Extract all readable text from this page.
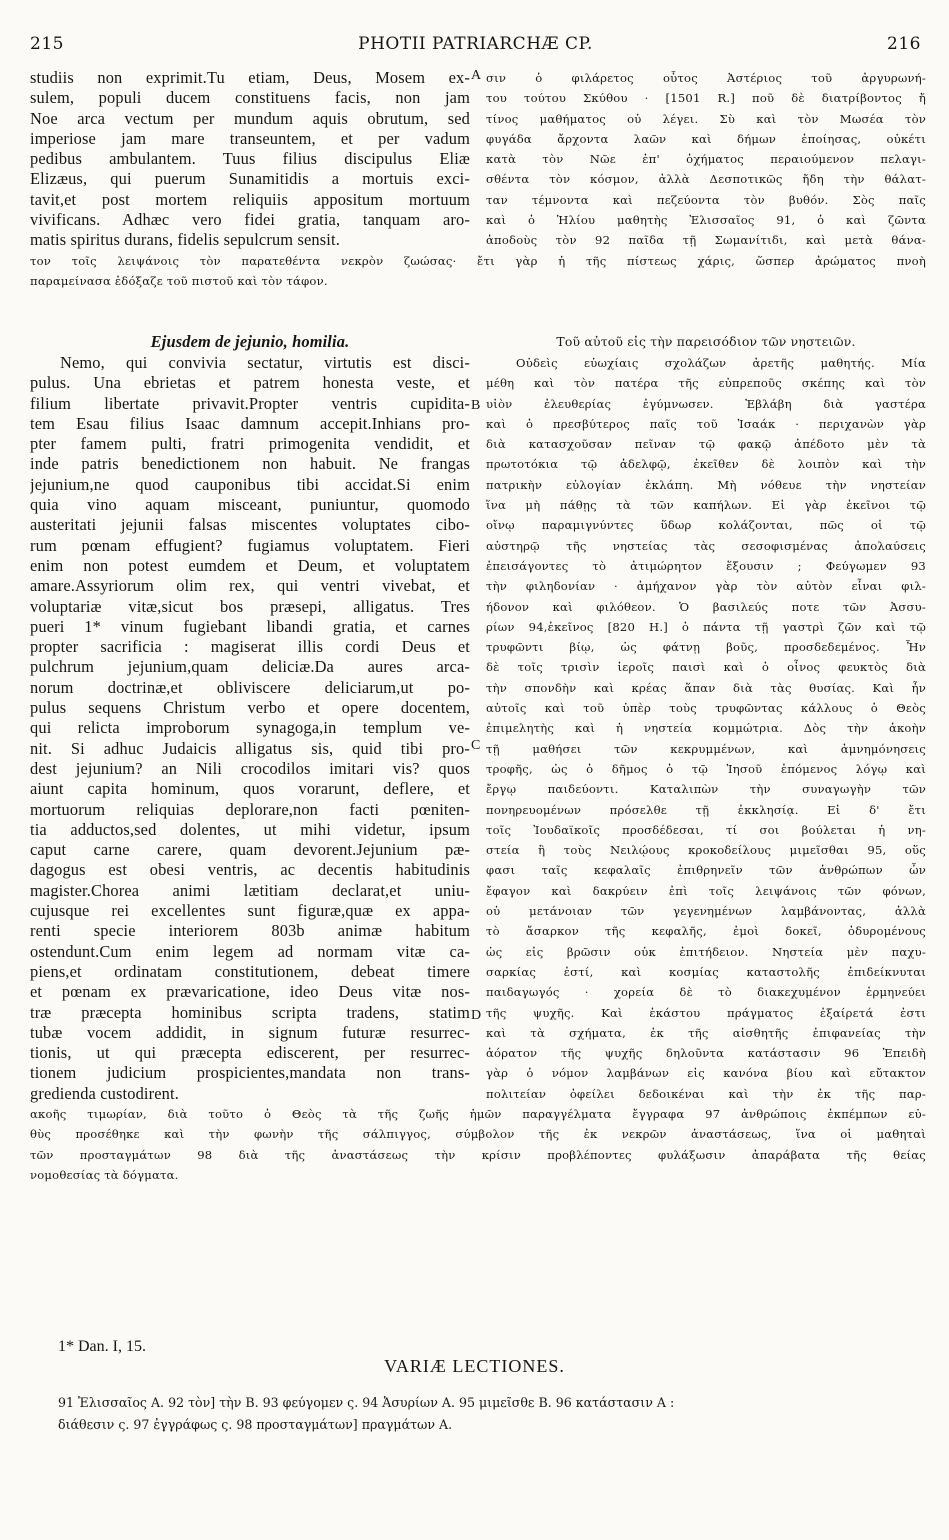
215	PHOTII PATRIARCHÆ CP.	216
studiis non exprimit.Tu etiam, Deus, Mosem ex-
sulem, populi ducem constituens facis, non jam
Noe arca vectum per mundum aquis obrutum, sed
imperiose jam mare transeuntem, et per vadum
pedibus ambulantem. Tuus filius discipulus Eliæ
Elizæus, qui puerum Sunamitidis a mortuis exci-
tavit,et post mortem reliquiis appositum mortuum
vivificans. Adhæc vero fidei gratia, tanquam aro-
matis spiritus durans, fidelis sepulcrum sensit.
σιν ὁ φιλάρετος οὗτος Ἀστέριος τοῦ ἀργυρωνή-
του τούτου Σκύθου · [1501 R.] ποῦ δὲ διατρίβοντος ἤ
τίνος μαθήματος οὐ λέγει. Σὺ καὶ τὸν Μωσέα τὸν
φυγάδα ἄρχοντα λαῶν καὶ δήμων ἐποίησας, οὐκέτι
κατὰ τὸν Νῶε ἐπ' ὀχήματος περαιούμενον πελαγι-
σθέντα τὸν κόσμον, ἀλλὰ Δεσποτικῶς ἤδη τὴν θάλατ-
ταν τέμνοντα καὶ πεζεύοντα τὸν βυθόν. Σὸς παῖς
καὶ ὁ Ἡλίου μαθητὴς Ἐλισσαῖος 91, ὁ καὶ ζῶντα
ἀποδοὺς τὸν 92 παῖδα τῇ Σωμανίτιδι, καὶ μετὰ θάνα-
τον τοῖς λειψάνοις τὸν παρατεθέντα νεκρὸν ζωώσας· ἔτι γὰρ ἡ τῆς πίστεως χάρις, ὥσπερ ἀρώματος πνοὴ
παραμείνασα ἐδόξαζε τοῦ πιστοῦ καὶ τὸν τάφον.
Ejusdem de jejunio, homilia.	Τοῦ αὐτοῦ εἰς τὴν παρεισόδιον τῶν νηστειῶν.
Nemo, qui convivia sectatur, virtutis est disci-
pulus. Una ebrietas et patrem honesta veste, et
filium libertate privavit.Propter ventris cupidita-
tem Esau filius Isaac damnum accepit.Inhians pro-
pter famem pulti, fratri primogenita vendidit, et
inde patris benedictionem non habuit. Ne frangas
jejunium,ne quod cauponibus tibi accidat.Si enim
quia vino aquam misceant, puniuntur, quomodo
austeritati jejunii falsas miscentes voluptates cibo-
rum pœnam effugient? fugiamus voluptatem. Fieri
enim non potest eumdem et Deum, et voluptatem
amare.Assyriorum olim rex, qui ventri vivebat, et
voluptariæ vitæ,sicut bos præsepi, alligatus. Tres
pueri 1* vinum fugiebant libandi gratia, et carnes
propter sacrificia : magiserat illis cordi Deus et
pulchrum jejunium,quam deliciæ.Da aures arca-
norum doctrinæ,et obliviscere deliciarum,ut po-
pulus sequens Christum verbo et opere docentem,
qui relicta improborum synagoga,in templum ve-
nit. Si adhuc Judaicis alligatus sis, quid tibi pro-
dest jejunium? an Nili crocodilos imitari vis? quos
aiunt capita hominum, quos vorarunt, deflere, et
mortuorum reliquias deplorare,non facti pœniten-
tia adductos,sed dolentes, ut mihi videtur, ipsum
caput carne carere, quam devorent.Jejunium pæ-
dagogus est obesi ventris, ac decentis habitudinis
magister.Chorea animi lætitiam declarat,et uniu-
cujusque rei excellentes sunt figuræ,quæ ex appa-
renti specie interiorem 803b animæ habitum
ostendunt.Cum enim legem ad normam vitæ ca-
piens,et ordinatam constitutionem, debeat timere
et pœnam ex prævaricatione, ideo Deus vitæ nos-
træ præcepta hominibus scripta tradens, statim
tubæ vocem addidit, in signum futuræ resurrec-
tionis, ut qui præcepta ediscerent, per resurrec-
tionem judicium prospicientes,mandata non trans-
gredienda custodirent.
Οὐδεὶς εὐωχίαις σχολάζων ἀρετῆς μαθητής. Μία
μέθη καὶ τὸν πατέρα τῆς εὐπρεποῦς σκέπης καὶ τὸν
υἱὸν ἐλευθερίας ἐγύμνωσεν. Ἐβλάβη διὰ γαστέρα
καὶ ὁ πρεσβύτερος παῖς τοῦ Ἰσαάκ · περιχανὼν γὰρ
διὰ κατασχοῦσαν πεῖναν τῷ φακῷ ἀπέδοτο μὲν τὰ
πρωτοτόκια τῷ ἀδελφῷ, ἐκεῖθεν δὲ λοιπὸν καὶ τὴν
πατρικὴν εὐλογίαν ἐκλάπη. Μὴ νόθευε τὴν νηστείαν
ἵνα μὴ πάθῃς τὰ τῶν καπήλων. Εἰ γὰρ ἐκεῖνοι τῷ
οἴνῳ παραμιγνύντες ὕδωρ κολάζονται, πῶς οἱ τῷ
αὐστηρῷ τῆς νηστείας τὰς σεσοφισμένας ἀπολαύσεις
ἐπεισάγοντες τὸ ἀτιμώρητον ἕξουσιν ; Φεύγωμεν 93
τὴν φιληδονίαν · ἀμήχανον γὰρ τὸν αὐτὸν εἶναι φιλ-
ήδονον καὶ φιλόθεον. Ὁ βασιλεύς ποτε τῶν Ἀσσυ-
ρίων 94,ἐκεῖνος [820 H.] ὁ πάντα τῇ γαστρὶ ζῶν καὶ τῷ
τρυφῶντι βίῳ, ὡς φάτνῃ βοῦς, προσδεδεμένος. Ἦν
δὲ τοῖς τρισὶν ἱεροῖς παισὶ καὶ ὁ οἶνος φευκτὸς διὰ
τὴν σπονδὴν καὶ κρέας ἅπαν διὰ τὰς θυσίας. Καὶ ἦν
αὐτοῖς καὶ τοῦ ὑπὲρ τοὺς τρυφῶντας κάλλους ὁ Θεὸς
ἐπιμελητὴς καὶ ἡ νηστεία κομμώτρια. Δὸς τὴν ἀκοὴν
τῇ μαθήσει τῶν κεκρυμμένων, καὶ ἀμνημόνησεις
τροφῆς, ὡς ὁ δῆμος ὁ τῷ Ἰησοῦ ἑπόμενος λόγῳ καὶ
ἔργῳ παιδεύοντι. Καταλιπὼν τὴν συναγωγὴν τῶν
πονηρευομένων πρόσελθε τῇ ἐκκλησίᾳ. Εἰ δ' ἔτι
τοῖς Ἰουδαϊκοῖς προσδέδεσαι, τί σοι βούλεται ἡ νη-
στεία ἢ τοὺς Νειλῴους κροκοδείλους μιμεῖσθαι 95, οὕς
φασι ταῖς κεφαλαῖς ἐπιθρηνεῖν τῶν ἀνθρώπων ὧν
ἔφαγον καὶ δακρύειν ἐπὶ τοῖς λειψάνοις τῶν φόνων,
οὐ μετάνοιαν τῶν γεγενημένων λαμβάνοντας, ἀλλὰ
τὸ ἄσαρκον τῆς κεφαλῆς, ἐμοὶ δοκεῖ, ὀδυρομένους
ὡς εἰς βρῶσιν οὐκ ἐπιτήδειον. Νηστεία μὲν παχυ-
σαρκίας ἐστί, καὶ κοσμίας καταστολῆς ἐπιδείκνυται
παιδαγωγός · χορεία δὲ τὸ διακεχυμένον ἑρμηνεύει
τῆς ψυχῆς. Καὶ ἑκάστου πράγματος ἐξαίρετά ἐστι
καὶ τὰ σχήματα, ἐκ τῆς αἰσθητῆς ἐπιφανείας τὴν
ἀόρατον τῆς ψυχῆς δηλοῦντα κατάστασιν 96 Ἐπειδὴ
γὰρ ὁ νόμον λαμβάνων εἰς κανόνα βίου καὶ εὔτακτον
πολιτείαν ὀφείλει δεδοικέναι καὶ τὴν ἐκ τῆς παρ-
A
B
C
D
ακοῆς τιμωρίαν, διὰ τοῦτο ὁ Θεὸς τὰ τῆς ζωῆς ἡμῶν παραγγέλματα ἔγγραφα 97 ἀνθρώποις ἐκπέμπων εὐ-
θὺς προσέθηκε καὶ τὴν φωνὴν τῆς σάλπιγγος, σύμβολον τῆς ἐκ νεκρῶν ἀναστάσεως, ἵνα οἱ μαθηταὶ
τῶν προσταγμάτων 98 διὰ τῆς ἀναστάσεως τὴν κρίσιν προβλέποντες φυλάξωσιν ἀπαράβατα τῆς θείας
νομοθεσίας τὰ δόγματα.
1* Dan. I, 15.
VARIÆ LECTIONES.
91 Ἐλισσαῖος A. 92 τὸν] τὴν B. 93 φεύγομεν ς. 94 Ἀσυρίων A. 95 μιμεῖσθε B. 96 κατάστασιν A :
διάθεσιν ς. 97 ἐγγράφως ς. 98 προσταγμάτων] πραγμάτων A.
